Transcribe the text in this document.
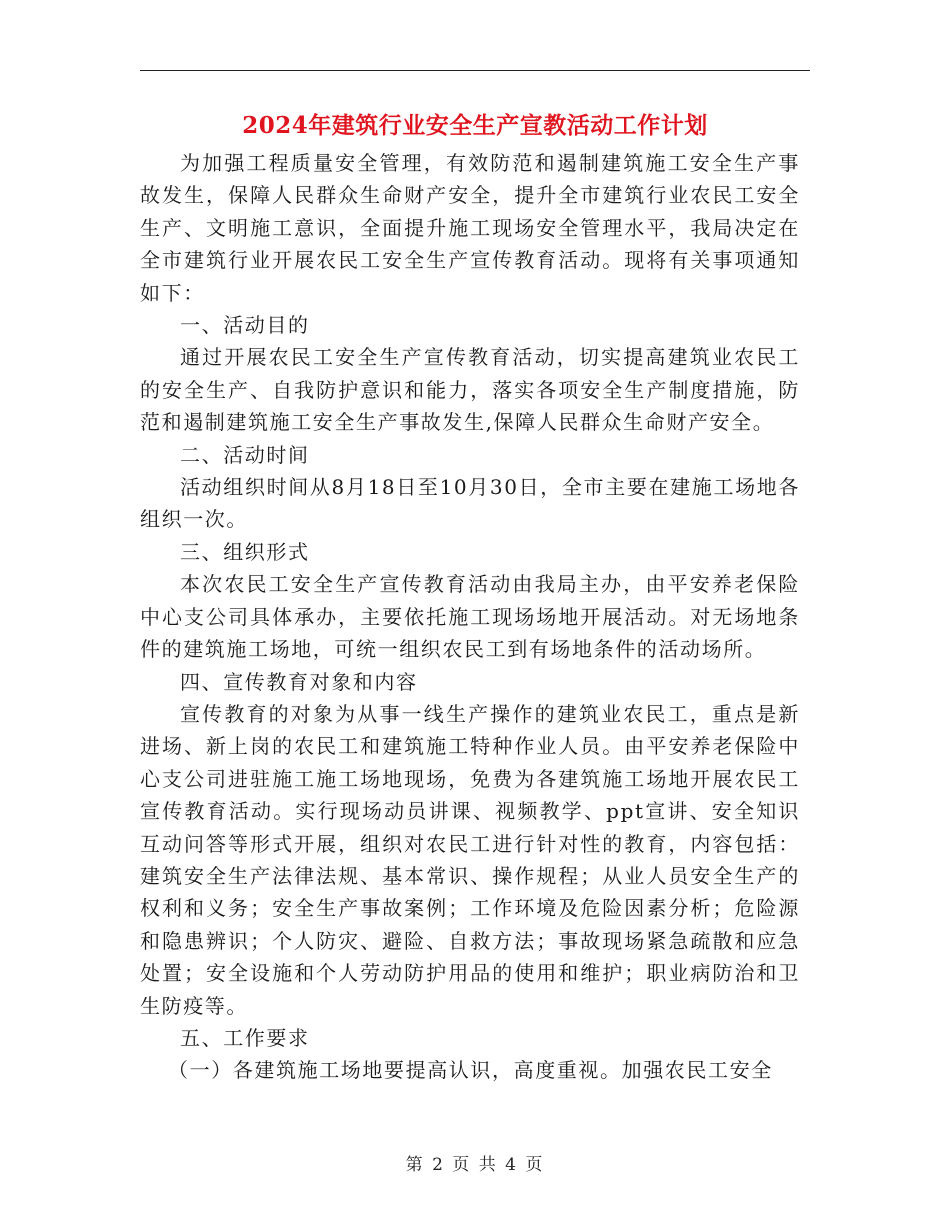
2024年建筑行业安全生产宣教活动工作计划

为加强工程质量安全管理，有效防范和遏制建筑施工安全生产事故发生，保障人民群众生命财产安全，提升全市建筑行业农民工安全生产、文明施工意识，全面提升施工现场安全管理水平，我局决定在全市建筑行业开展农民工安全生产宣传教育活动。现将有关事项通知如下：

一、活动目的

通过开展农民工安全生产宣传教育活动，切实提高建筑业农民工的安全生产、自我防护意识和能力，落实各项安全生产制度措施，防范和遏制建筑施工安全生产事故发生,保障人民群众生命财产安全。

二、活动时间

活动组织时间从8月18日至10月30日，全市主要在建施工场地各组织一次。

三、组织形式

本次农民工安全生产宣传教育活动由我局主办，由平安养老保险中心支公司具体承办，主要依托施工现场场地开展活动。对无场地条件的建筑施工场地，可统一组织农民工到有场地条件的活动场所。

四、宣传教育对象和内容

宣传教育的对象为从事一线生产操作的建筑业农民工，重点是新进场、新上岗的农民工和建筑施工特种作业人员。由平安养老保险中心支公司进驻施工施工场地现场，免费为各建筑施工场地开展农民工宣传教育活动。实行现场动员讲课、视频教学、ppt宣讲、安全知识互动问答等形式开展，组织对农民工进行针对性的教育，内容包括：建筑安全生产法律法规、基本常识、操作规程；从业人员安全生产的权利和义务；安全生产事故案例；工作环境及危险因素分析；危险源和隐患辨识；个人防灾、避险、自救方法；事故现场紧急疏散和应急处置；安全设施和个人劳动防护用品的使用和维护；职业病防治和卫生防疫等。

五、工作要求

（一）各建筑施工场地要提高认识，高度重视。加强农民工安全

第 2 页 共 4 页
